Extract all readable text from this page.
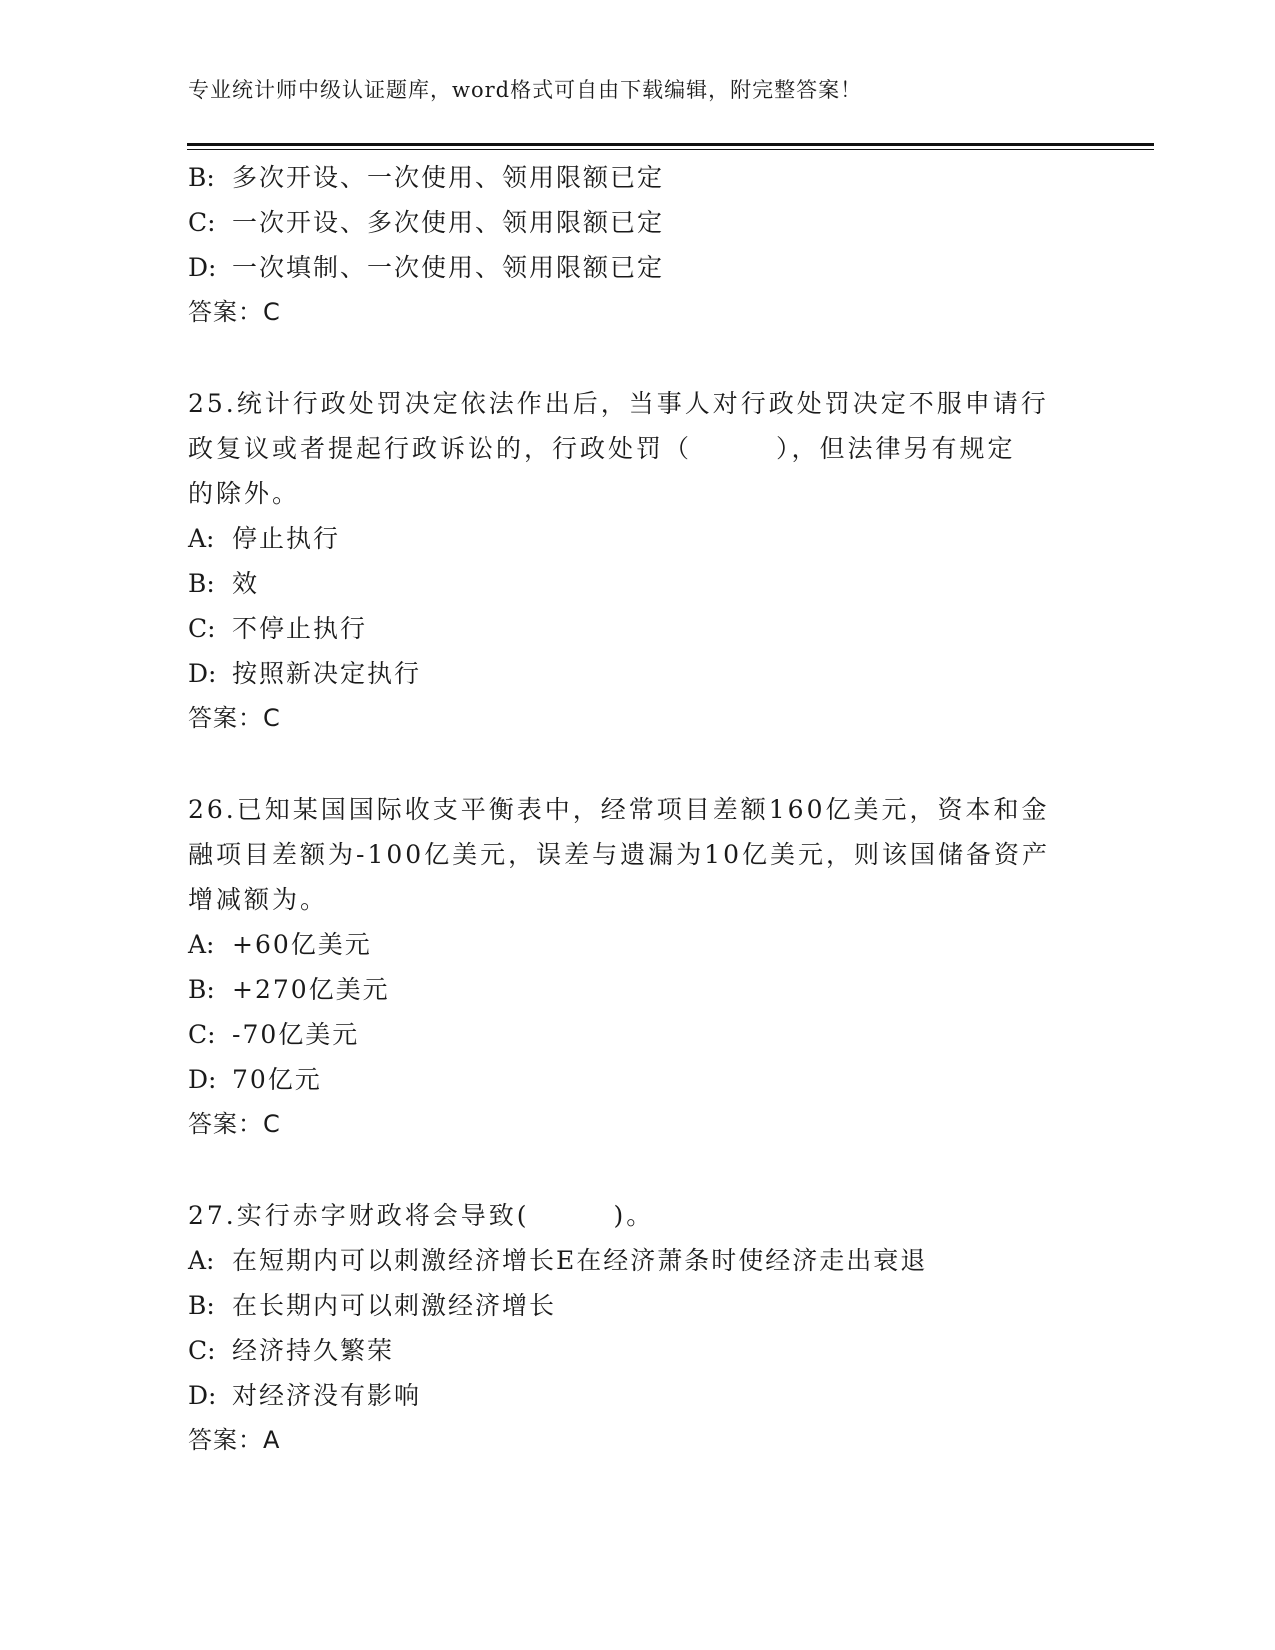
专业统计师中级认证题库，word格式可自由下载编辑，附完整答案！
B: 多次开设、一次使用、领用限额已定
C: 一次开设、多次使用、领用限额已定
D: 一次填制、一次使用、领用限额已定
答案：C
25.统计行政处罚决定依法作出后，当事人对行政处罚决定不服申请行
政复议或者提起行政诉讼的，行政处罚（　　　），但法律另有规定
的除外。
A: 停止执行
B: 效
C: 不停止执行
D: 按照新决定执行
答案：C
26.已知某国国际收支平衡表中，经常项目差额160亿美元，资本和金
融项目差额为-100亿美元，误差与遗漏为10亿美元，则该国储备资产
增减额为。
A: +60亿美元
B: +270亿美元
C: -70亿美元
D: 70亿元
答案：C
27.实行赤字财政将会导致(　　　)。
A: 在短期内可以刺激经济增长E在经济萧条时使经济走出衰退
B: 在长期内可以刺激经济增长
C: 经济持久繁荣
D: 对经济没有影响
答案：A
